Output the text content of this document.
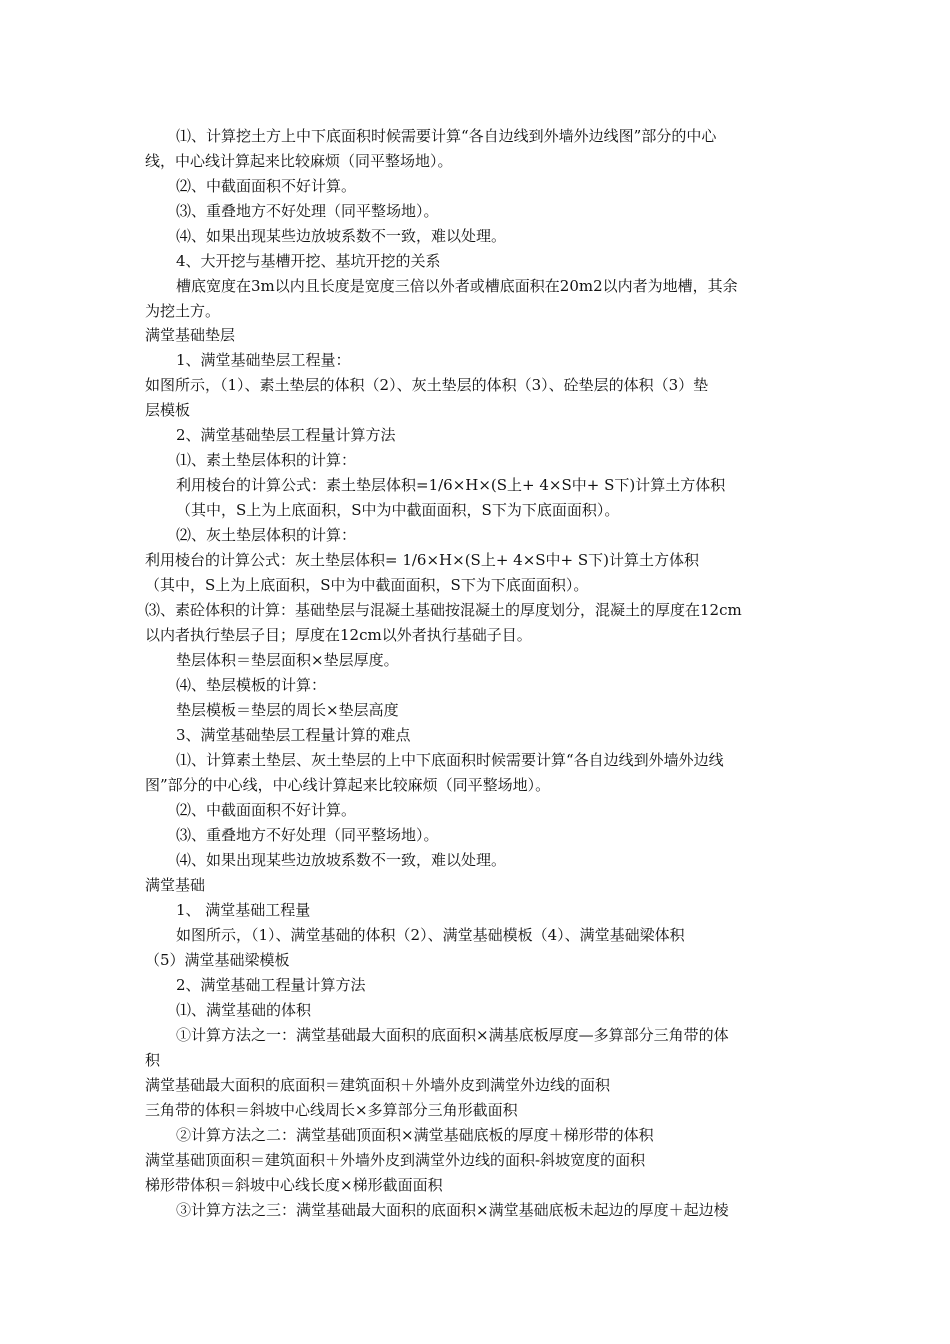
⑴、计算挖土方上中下底面积时候需要计算“各自边线到外墙外边线图”部分的中心
线，中心线计算起来比较麻烦（同平整场地）。
⑵、中截面面积不好计算。
⑶、重叠地方不好处理（同平整场地）。
⑷、如果出现某些边放坡系数不一致，难以处理。
4、大开挖与基槽开挖、基坑开挖的关系
槽底宽度在3m以内且长度是宽度三倍以外者或槽底面积在20m2以内者为地槽，其余
为挖土方。
满堂基础垫层
1、满堂基础垫层工程量：
如图所示，（1）、素土垫层的体积（2）、灰土垫层的体积（3）、砼垫层的体积（3）垫
层模板
2、满堂基础垫层工程量计算方法
⑴、素土垫层体积的计算：
利用棱台的计算公式：素土垫层体积=1/6×H×(S上+ 4×S中+ S下)计算土方体积
（其中，S上为上底面积，S中为中截面面积，S下为下底面面积）。
⑵、灰土垫层体积的计算：
利用棱台的计算公式：灰土垫层体积= 1/6×H×(S上+ 4×S中+ S下)计算土方体积
（其中，S上为上底面积，S中为中截面面积，S下为下底面面积）。
⑶、素砼体积的计算：基础垫层与混凝土基础按混凝土的厚度划分，混凝土的厚度在12cm
以内者执行垫层子目；厚度在12cm以外者执行基础子目。
垫层体积＝垫层面积×垫层厚度。
⑷、垫层模板的计算：
垫层模板＝垫层的周长×垫层高度
3、满堂基础垫层工程量计算的难点
⑴、计算素土垫层、灰土垫层的上中下底面积时候需要计算“各自边线到外墙外边线
图”部分的中心线，中心线计算起来比较麻烦（同平整场地）。
⑵、中截面面积不好计算。
⑶、重叠地方不好处理（同平整场地）。
⑷、如果出现某些边放坡系数不一致，难以处理。
满堂基础
1、 满堂基础工程量
如图所示，（1）、满堂基础的体积（2）、满堂基础模板（4）、满堂基础梁体积
（5）满堂基础梁模板
2、满堂基础工程量计算方法
⑴、满堂基础的体积
①计算方法之一：满堂基础最大面积的底面积×满基底板厚度—多算部分三角带的体
积
满堂基础最大面积的底面积＝建筑面积＋外墙外皮到满堂外边线的面积
三角带的体积＝斜坡中心线周长×多算部分三角形截面积
②计算方法之二：满堂基础顶面积×满堂基础底板的厚度＋梯形带的体积
满堂基础顶面积＝建筑面积＋外墙外皮到满堂外边线的面积-斜坡宽度的面积
梯形带体积＝斜坡中心线长度×梯形截面面积
③计算方法之三：满堂基础最大面积的底面积×满堂基础底板未起边的厚度＋起边棱
